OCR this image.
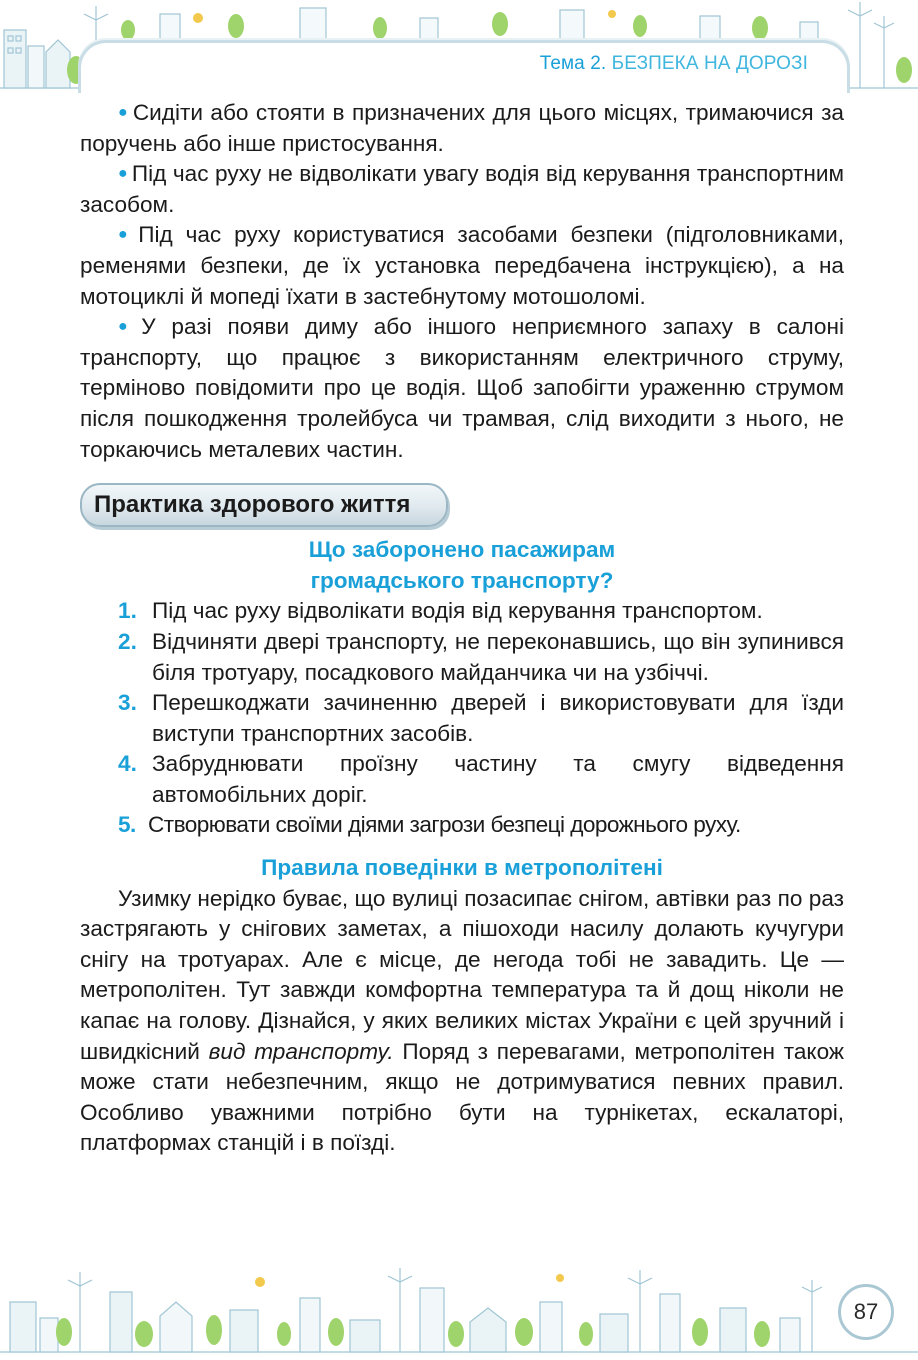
Тема 2. БЕЗПЕКА НА ДОРОЗІ

● Сидіти або стояти в призначених для цього місцях, тримаючися за поручень або інше пристосування.

● Під час руху не відволікати увагу водія від керування транспортним засобом.

● Під час руху користуватися засобами безпеки (підголовниками, ременями безпеки, де їх установка передбачена інструкцією), а на мотоциклі й мопеді їхати в застебнутому мотошоломі.

● У разі появи диму або іншого неприємного запаху в салоні транспорту, що працює з використанням електричного струму, терміново повідомити про це водія. Щоб запобігти ураженню струмом після пошкодження тролейбуса чи трамвая, слід виходити з нього, не торкаючись металевих частин.

Практика здорового життя

Що заборонено пасажирам
громадського транспорту?

1. Під час руху відволікати водія від керування транспортом.
2. Відчиняти двері транспорту, не переконавшись, що він зупинився біля тротуару, посадкового майданчика чи на узбіччі.
3. Перешкоджати зачиненню дверей і використовувати для їзди виступи транспортних засобів.
4. Забруднювати проїзну частину та смугу відведення автомобільних доріг.
5. Створювати своїми діями загрози безпеці дорожнього руху.

Правила поведінки в метрополітені

Узимку нерідко буває, що вулиці позасипає снігом, автівки раз по раз застрягають у снігових заметах, а пішоходи насилу долають кучугури снігу на тротуарах. Але є місце, де негода тобі не завадить. Це — метрополітен. Тут завжди комфортна температура та й дощ ніколи не капає на голову. Дізнайся, у яких великих містах України є цей зручний і швидкісний вид транспорту. Поряд з перевагами, метрополітен також може стати небезпечним, якщо не дотримуватися певних правил. Особливо уважними потрібно бути на турнікетах, ескалаторі, платформах станцій і в поїзді.

87
